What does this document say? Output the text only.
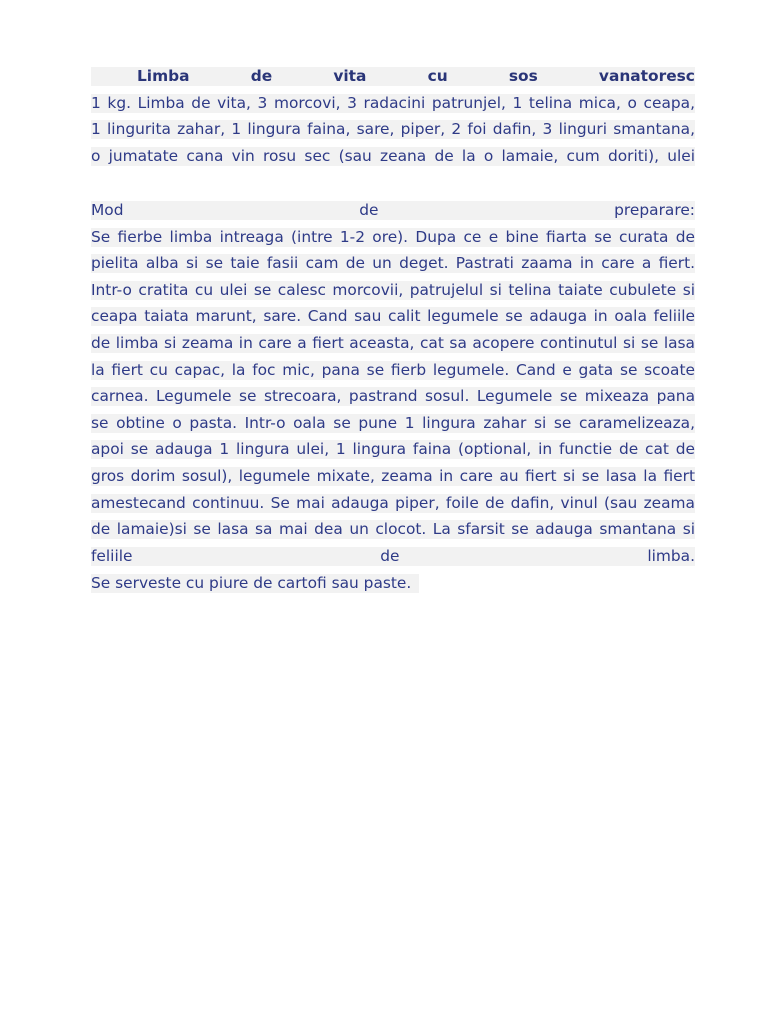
Limba	de	vita	cu	sos	vanatoresc
1 kg. Limba de vita, 3 morcovi, 3 radacini patrunjel, 1 telina mica, o ceapa,
1 lingurita zahar, 1 lingura faina, sare, piper, 2 foi dafin, 3 linguri smantana,
o jumatate cana vin rosu sec (sau zeana de la o lamaie, cum doriti), ulei
Mod	de	preparare:
Se fierbe limba intreaga (intre 1-2 ore). Dupa ce e bine fiarta se curata de
pielita alba si se taie fasii cam de un deget. Pastrati zaama in care a fiert.
Intr-o cratita cu ulei se calesc morcovii, patrujelul si telina taiate cubulete si
ceapa taiata marunt, sare. Cand sau calit legumele se adauga in oala feliile
de limba si zeama in care a fiert aceasta, cat sa acopere continutul si se lasa
la fiert cu capac, la foc mic, pana se fierb legumele. Cand e gata se scoate
carnea. Legumele se strecoara, pastrand sosul. Legumele se mixeaza pana
se obtine o pasta. Intr-o oala se pune 1 lingura zahar si se caramelizeaza,
apoi se adauga 1 lingura ulei, 1 lingura faina (optional, in functie de cat de
gros dorim sosul), legumele mixate, zeama in care au fiert si se lasa la fiert
amestecand continuu. Se mai adauga piper, foile de dafin, vinul (sau zeama
de lamaie)si se lasa sa mai dea un clocot. La sfarsit se adauga smantana si
feliile	de	limba.
Se serveste cu piure de cartofi sau paste.
